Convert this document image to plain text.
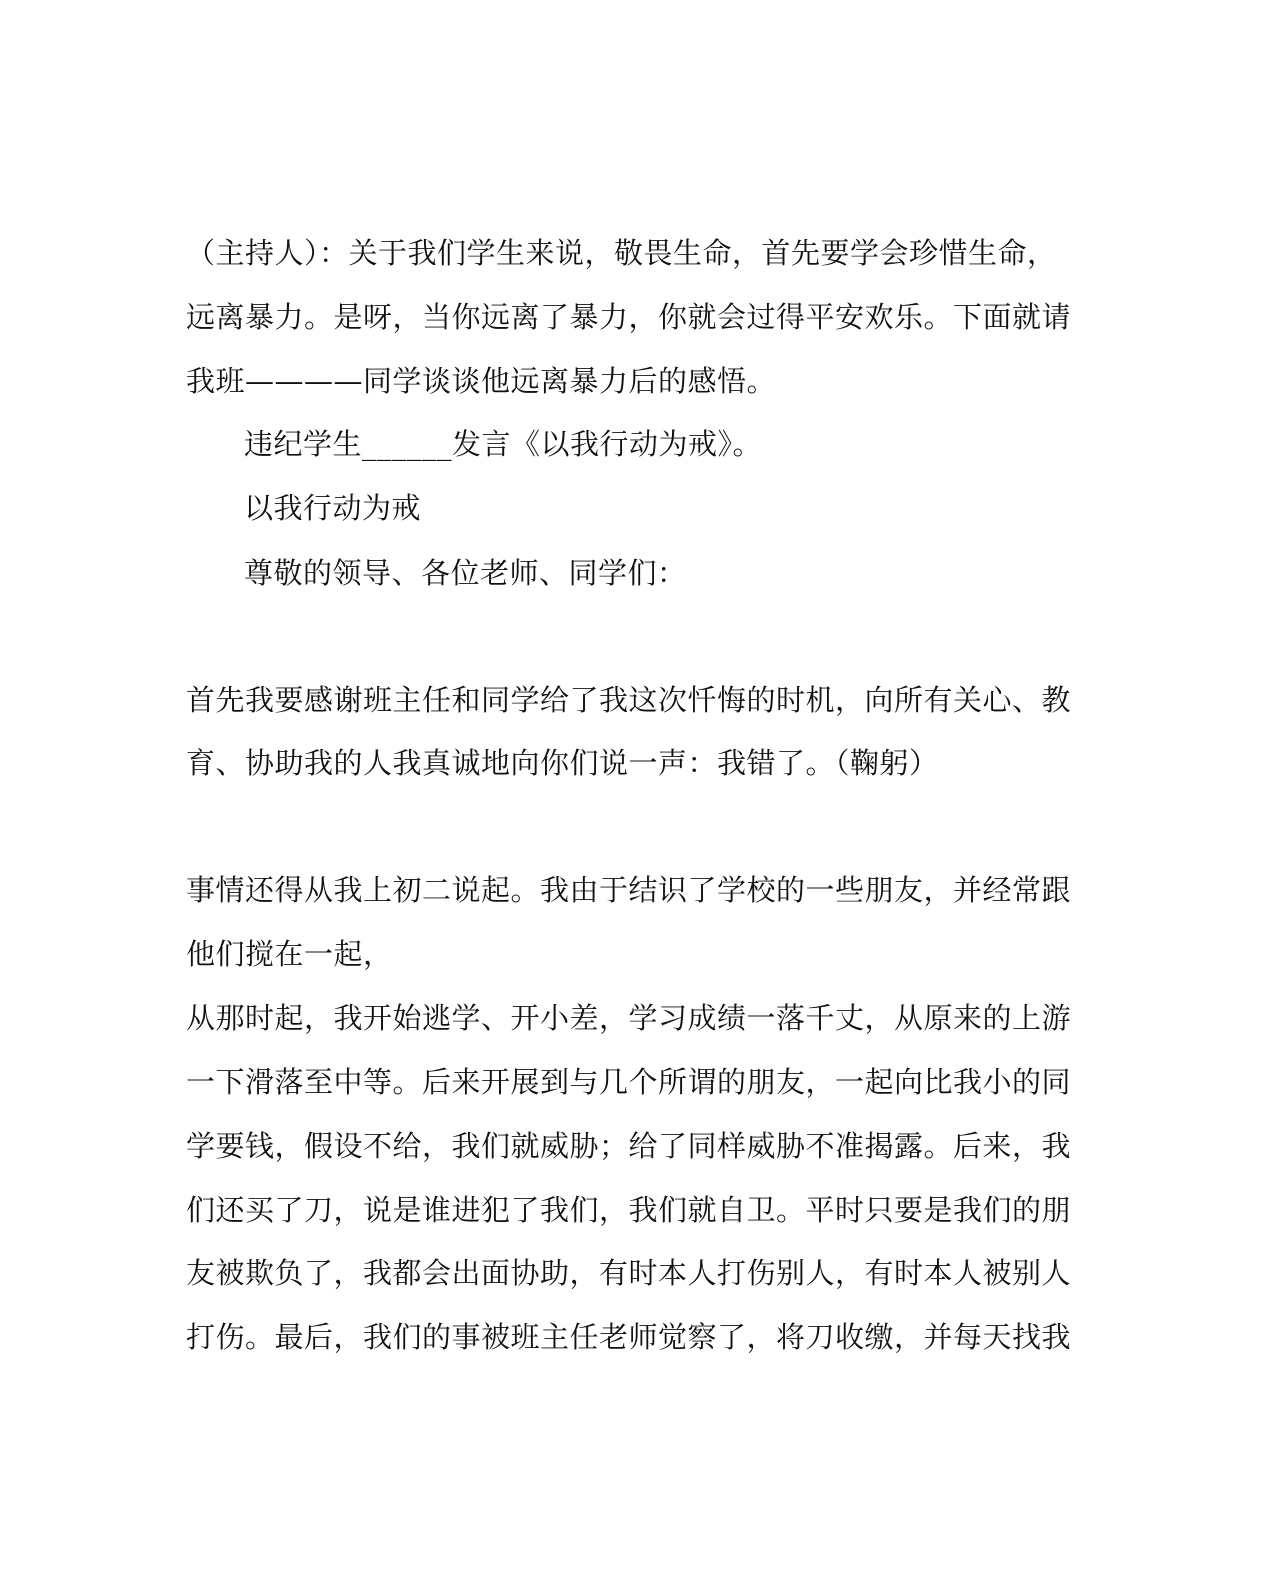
（主持人）：关于我们学生来说，敬畏生命，首先要学会珍惜生命，
远离暴力。是呀，当你远离了暴力，你就会过得平安欢乐。下面就请
我班————同学谈谈他远离暴力后的感悟。
违纪学生______发言《以我行动为戒》。
以我行动为戒
尊敬的领导、各位老师、同学们：
首先我要感谢班主任和同学给了我这次忏悔的时机，向所有关心、教
育、协助我的人我真诚地向你们说一声：我错了。（鞠躬）
事情还得从我上初二说起。我由于结识了学校的一些朋友，并经常跟
他们搅在一起，
从那时起，我开始逃学、开小差，学习成绩一落千丈，从原来的上游
一下滑落至中等。后来开展到与几个所谓的朋友，一起向比我小的同
学要钱，假设不给，我们就威胁；给了同样威胁不准揭露。后来，我
们还买了刀，说是谁进犯了我们，我们就自卫。平时只要是我们的朋
友被欺负了，我都会出面协助，有时本人打伤别人，有时本人被别人
打伤。最后，我们的事被班主任老师觉察了，将刀收缴，并每天找我
